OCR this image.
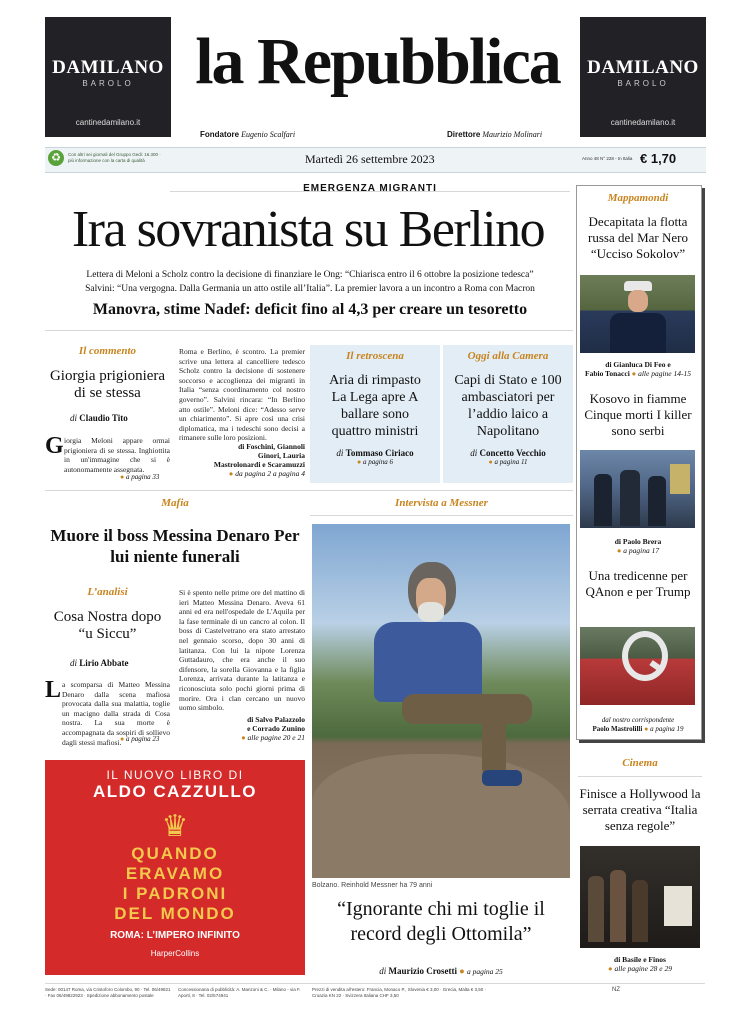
DAMILANO
BAROLO
cantinedamilano.it
DAMILANO
BAROLO
cantinedamilano.it
la Repubblica
Fondatore Eugenio Scalfari	Direttore Maurizio Molinari
♻	Con altri sei giornali del Gruppo Gedi: 16.300 · più informazione con la carta di qualità	Martedì 26 settembre 2023	Anno 48 N° 228 - In Italia € 1,70
EMERGENZA MIGRANTI
Ira sovranista su Berlino
Lettera di Meloni a Scholz contro la decisione di finanziare le Ong: “Chiarisca entro il 6 ottobre la posizione tedesca”
Salvini: “Una vergogna. Dalla Germania un atto ostile all’Italia”. La premier lavora a un incontro a Roma con Macron
Manovra, stime Nadef: deficit fino al 4,3 per creare un tesoretto
Il commento
Giorgia prigioniera di se stessa
di Claudio Tito
G iorgia Meloni appare ormai prigioniera di se stessa. Inghiottita in un'immagine che si è autonomamente assegnata.
● a pagina 33
Roma e Berlino, è scontro. La premier scrive una lettera al cancelliere tedesco Scholz contro la decisione di sostenere soccorso e accoglienza dei migranti in Italia “senza coordinamento col nostro governo”. Salvini rincara: “In Berlino atto ostile”. Meloni dice: “Adesso serve un chiarimento”. Si apre così una crisi diplomatica, ma i tedeschi sono decisi a rimanere sulle loro posizioni.
di Foschini, Giannoli
Ginori, Lauria
Mastrolonardi e Scaramuzzi
● da pagina 2 a pagina 4
Il retroscena
Aria di rimpasto La Lega apre A ballare sono quattro ministri
di Tommaso Ciriaco
● a pagina 6
Oggi alla Camera
Capi di Stato e 100 ambasciatori per l’addio laico a Napolitano
di Concetto Vecchio
● a pagina 11
Mappamondi
Decapitata la flotta russa del Mar Nero “Ucciso Sokolov”
di Gianluca Di Feo e
Fabio Tonacci ● alle pagine 14-15
Kosovo in fiamme Cinque morti I killer sono serbi
di Paolo Brera
● a pagina 17
Una tredicenne per QAnon e per Trump
dal nostro corrispondente
Paolo Mastrolilli ● a pagina 19
Mafia
Muore il boss Messina Denaro Per lui niente funerali
L’analisi
Cosa Nostra dopo “u Siccu”
di Lirio Abbate
L a scomparsa di Matteo Messina Denaro dalla scena mafiosa provocata dalla sua malattia, toglie un macigno dalla strada di Cosa nostra. La sua morte è accompagnata da sospiri di sollievo dagli stessi mafiosi.
● a pagina 23
Si è spento nelle prime ore del mattino di ieri Matteo Messina Denaro. Aveva 61 anni ed era nell'ospedale de L'Aquila per la fase terminale di un cancro al colon. Il boss di Castelvetrano era stato arrestato nel gennaio scorso, dopo 30 anni di latitanza. Con lui la nipote Lorenza Guttadauro, che era anche il suo difensore, la sorella Giovanna e la figlia Lorenza, arrivata durante la latitanza e riconosciuta solo pochi giorni prima di morire. Ora i clan cercano un nuovo uomo simbolo.
di Salvo Palazzolo
e Corrado Zunino
● alle pagine 20 e 21
IL NUOVO LIBRO DI
ALDO CAZZULLO
♛
QUANDO
ERAVAMO
I PADRONI
DEL MONDO
ROMA: L’IMPERO INFINITO
HarperCollins
Intervista a Messner
Bolzano. Reinhold Messner ha 79 anni
“Ignorante chi mi toglie il record degli Ottomila”
di Maurizio Crosetti ● a pagina 25
Cinema
Finisce a Hollywood la serrata creativa “Italia senza regole”
di Basile e Finos
● alle pagine 28 e 29
Sede: 00147 Roma, via Cristoforo Colombo, 90 · Tel. 06/49821 · Fax 06/49822923 · Spedizione abbonamento postale
Concessionaria di pubblicità: A. Manzoni & C. · Milano - via F. Aporti, 8 · Tel. 02/574941
Prezzi di vendita all’estero: Francia, Monaco P., Slovenia € 3,00 · Grecia, Malta € 3,50 · Croazia KN 22 · Svizzera Italiana CHF 3,50
NZ
